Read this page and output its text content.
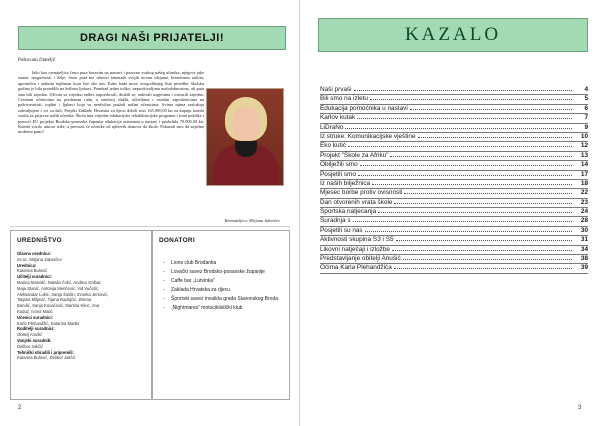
DRAGI NAŠI PRIJATELJI!
Poštovani čitatelji!

Iako kao ravnateljica često puta boravim na nastavi i pozorno svakog našeg učenika, njegove jake strane, mogućnosti i želje, često puta me učenici iznenade svojih novim idejama, kreativnim radom, upornošću i radnom toplinom koju šire oko nas. Kako kada moto ovogodišnjeg lista priredbe, školska godina je bila proteklih na krilima ljubavi. Ponekad jedna toliko, neprodovoljima malodobnosima, ali puta smo bili zajedno. Uživati sa vrijedno rađeti, napredovali, družili se, radovali uspjesima i ostvarili zajedno. Cestitam učenicima na predanom radu, a stručnoj službi, učiteljima i ostalim zaposlenicima na požrtvovnosti, toplini i ljubavi koju su nesebično pružali našim učenicima. Svima njima zaslužuju zahvaljujem i svi su dali. Projekt Zaklade Hrvatska za djecu dobili smo 165.000,00 kn za kupnju kombi vozila za prijevoz naših učenika. Škola ima vrijedne edukacijsko rehabilitacijske programe i fond podrške i pomoći EU projekta Brodsko-posavske županije edukacija asistenata u nastavi i priskrbila 70.000,00 kn. Kombi vozilo uskoro stiže, a prevozit će učenike od njihovih domova do škole. Pokazali smo da zajedno možemo puno!

Ravnateljica: Mirjana Jakovčev
UREDNIŠTVO
Glavna urednica:
mr.sc. Mirjana Jakovčev
Urednica:
Katarina Bulović
Učitelji suradnici:
Marina Manolić, Natalia Čolić, Andrea Golbar,
Maja Stanić, Antonija Meričević, Vid Vučetić,
Aleksandar Lukić, Sanja Šoldin, Zvonka Jerković,
Tatjana Miljević, Tijana Radojčić, Zelena
Bandić, Sanja Kovačević, Martina Klinc, Ana
Kuduz, Ivona Matić
Učenici suradnici:
Karlo Plehandžić, Katarina Mađer
Roditelji suradnici:
Obitelj Anušić
Vanjski suradnik:
Delibor Jakčić
Tehnički obradili i pripremili:
Katarina Bulović, Delibor Jakčić
DONATORI
- Lions club Brođanka
- Lovački savez Brodsko-posavske županije
- Caffe bar „Lutvinka”
- Zaklada Hrvatska za djecu
- Športski savez invalida grada Slavonskog Broda
- „Nightmares” motociklistički klub
2
KAZALO
Naši prvaši	4
Bili smo na izletu	5
Edukacija pomoćnika u nastavi	6
Karlov kutak	7
LiDraNo	9
Iz struke: Komunikacijske vještine	10
Eko kutić	12
Projekt "Škole za Afriku"	13
Obilježili smo	14
Posjetili smo	17
Iz naših bilježnica	18
Mjesec borbe protiv ovisnosti	22
Dan otvorenih vrata škole	23
Sportska natjecanja	24
Suradnja s	28
Posjetili su nas	30
Aktivnosti skupina S3 i S5	31
Likovni natječaji i izložbe	34
Predstavljanje obitelji Anušić	38
Očima Karla Plehandžića	39
3
